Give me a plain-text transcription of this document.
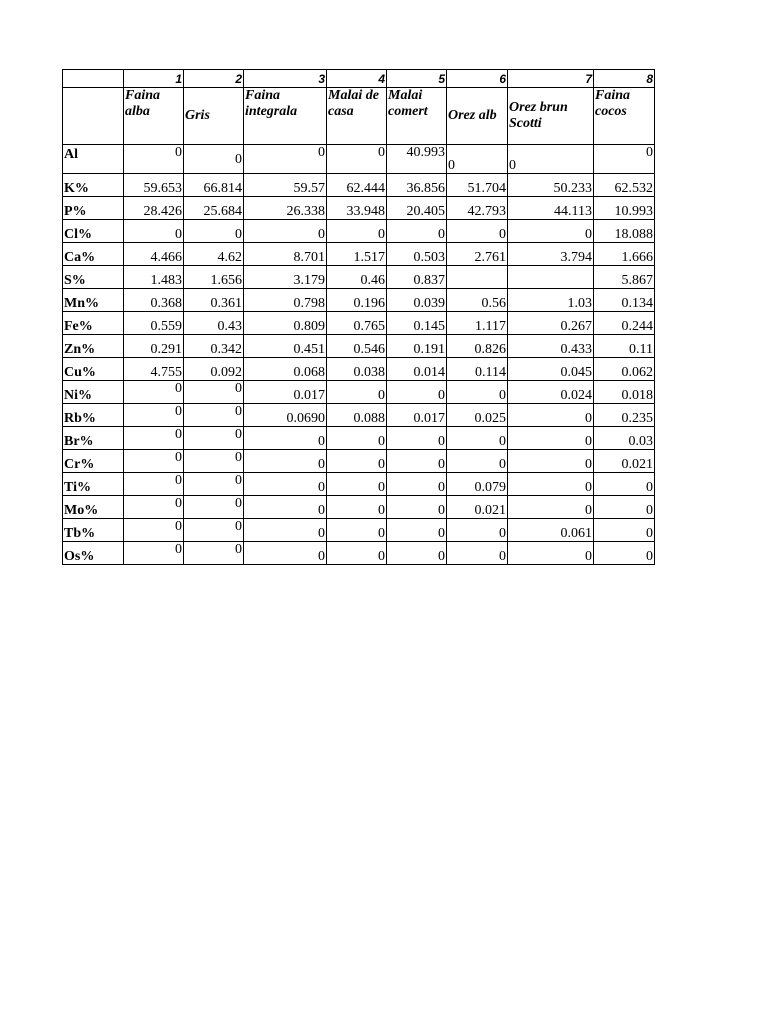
	1	2	3	4	5	6	7	8
	Faina alba	Gris	Faina integrala	Malai de casa	Malai comert	Orez alb	Orez brun Scotti	Faina cocos
Al	0	0	0	0	40.993	0	0	0
K%	59.653	66.814	59.57	62.444	36.856	51.704	50.233	62.532
P%	28.426	25.684	26.338	33.948	20.405	42.793	44.113	10.993
Cl%	0	0	0	0	0	0	0	18.088
Ca%	4.466	4.62	8.701	1.517	0.503	2.761	3.794	1.666
S%	1.483	1.656	3.179	0.46	0.837			5.867
Mn%	0.368	0.361	0.798	0.196	0.039	0.56	1.03	0.134
Fe%	0.559	0.43	0.809	0.765	0.145	1.117	0.267	0.244
Zn%	0.291	0.342	0.451	0.546	0.191	0.826	0.433	0.11
Cu%	4.755	0.092	0.068	0.038	0.014	0.114	0.045	0.062
Ni%	0	0	0.017	0	0	0	0.024	0.018
Rb%	0	0	0.0690	0.088	0.017	0.025	0	0.235
Br%	0	0	0	0	0	0	0	0.03
Cr%	0	0	0	0	0	0	0	0.021
Ti%	0	0	0	0	0	0.079	0	0
Mo%	0	0	0	0	0	0.021	0	0
Tb%	0	0	0	0	0	0	0.061	0
Os%	0	0	0	0	0	0	0	0
